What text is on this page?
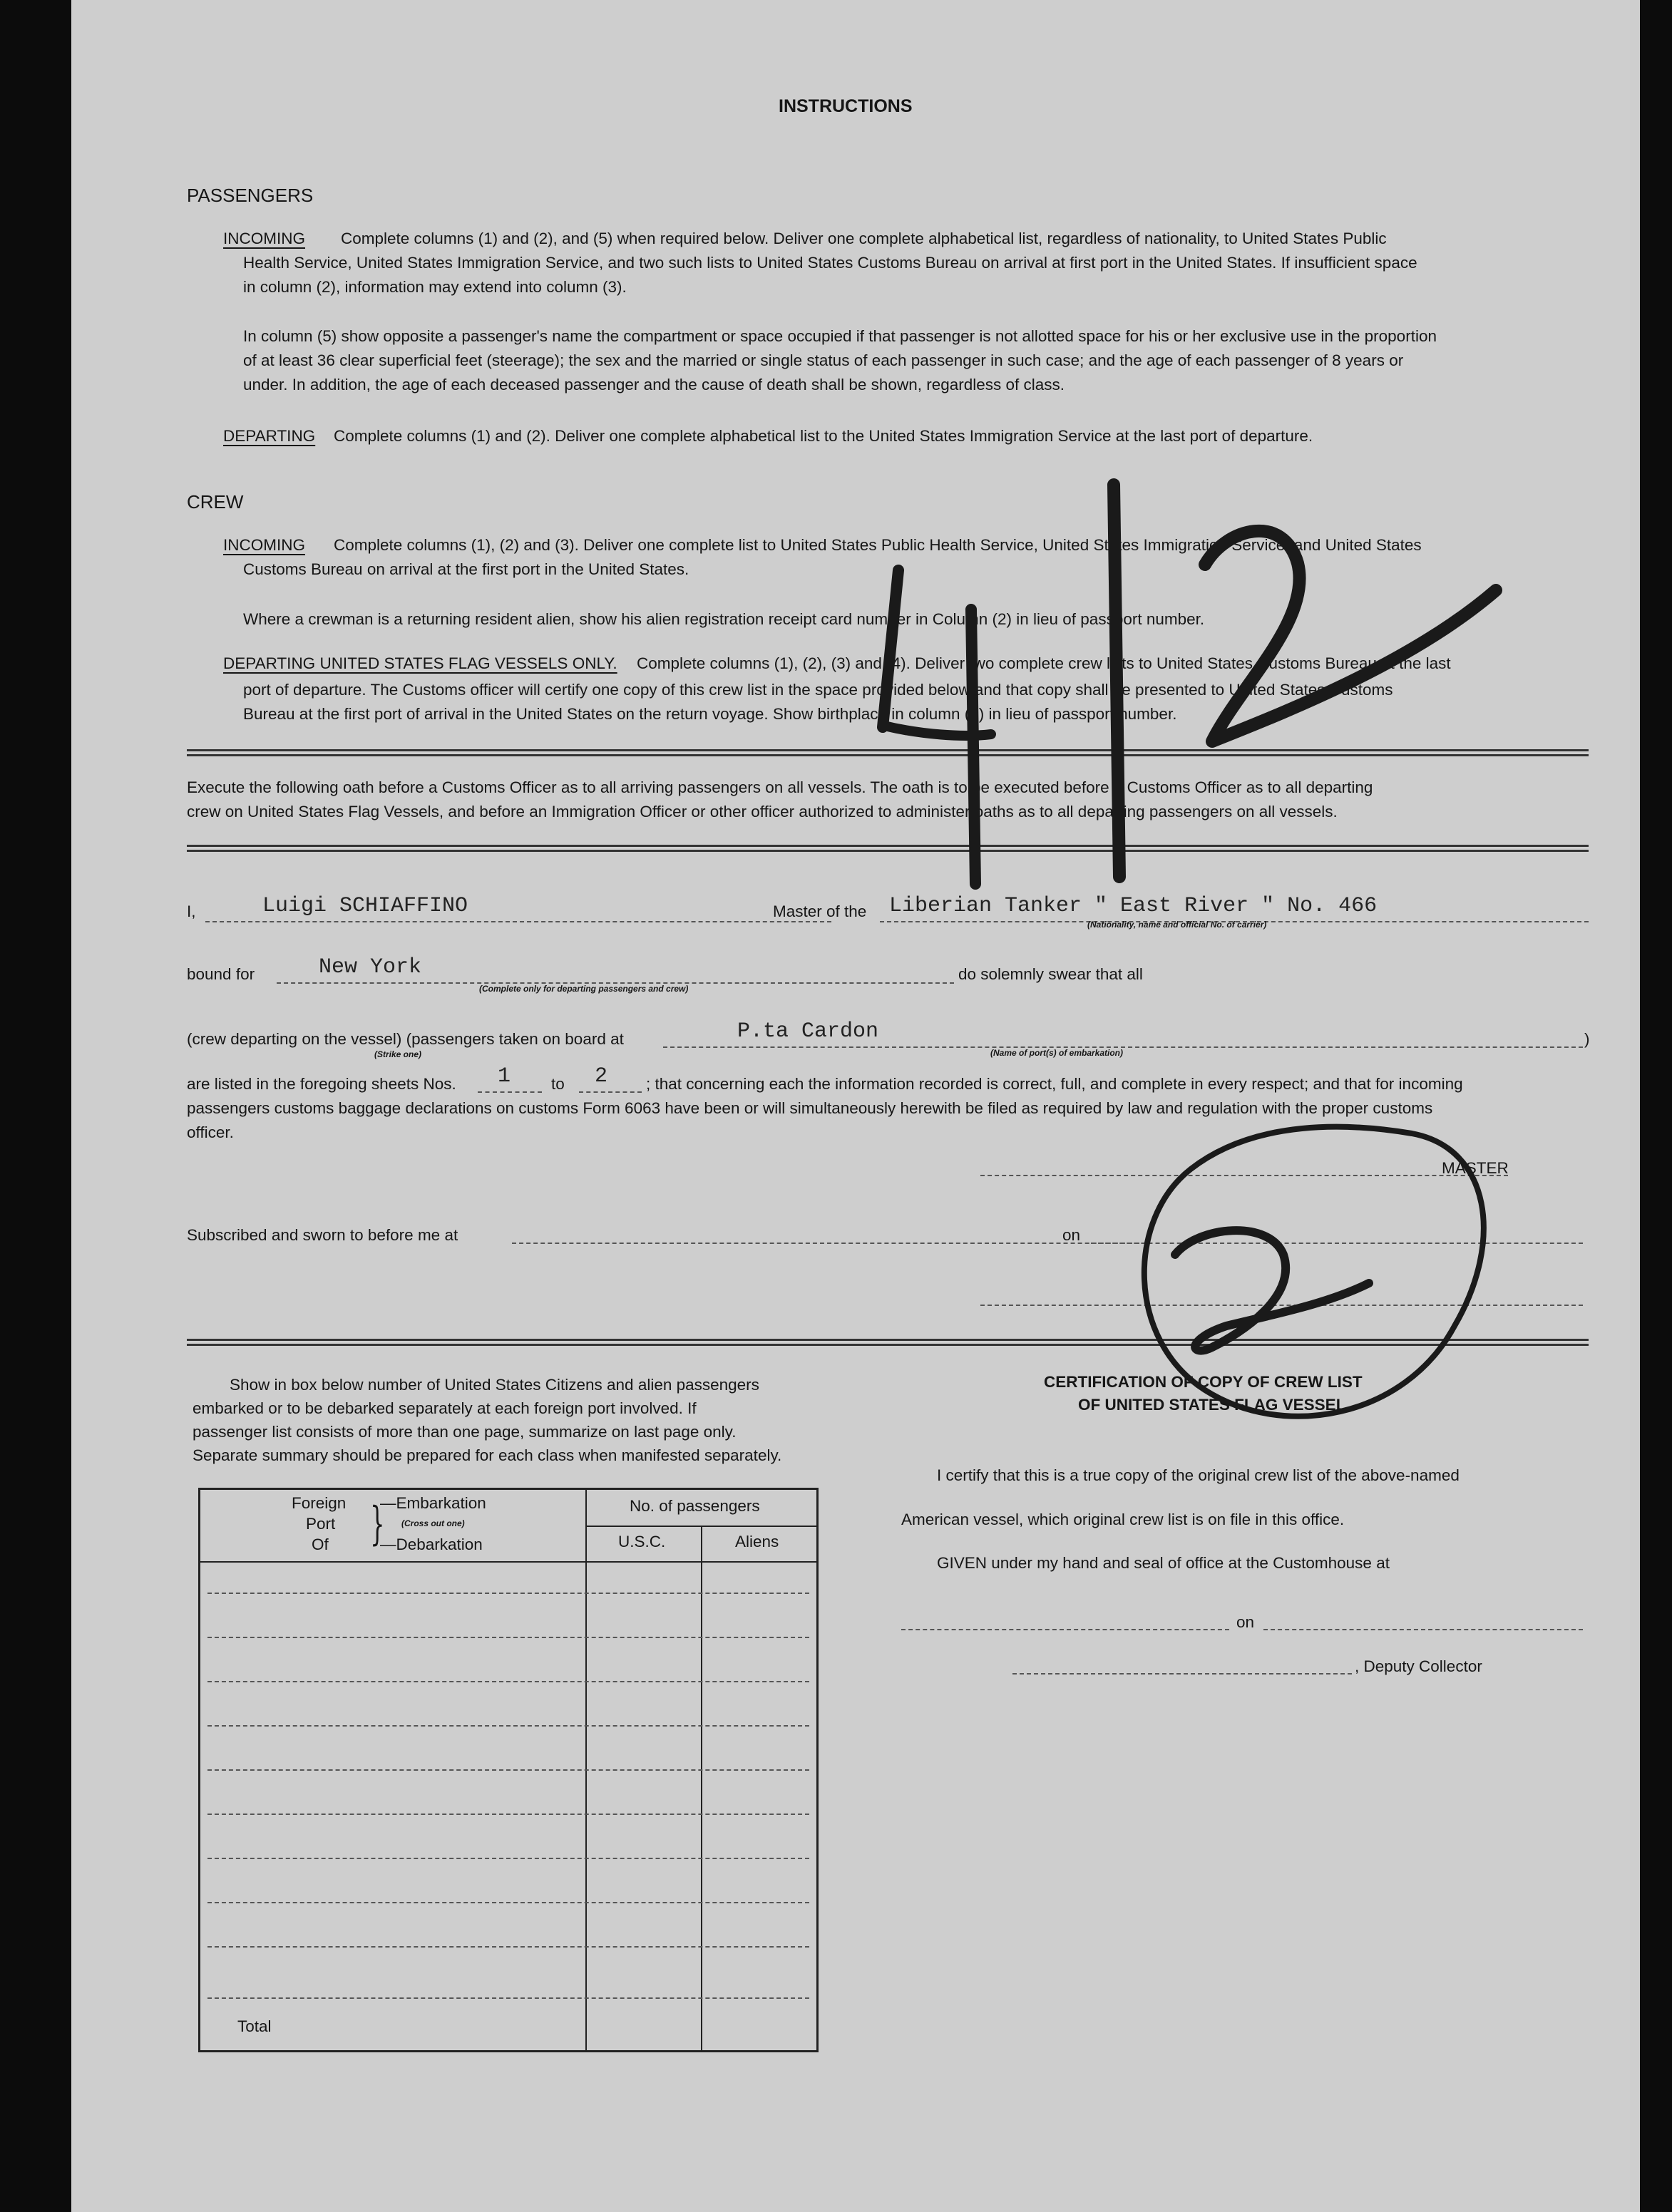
INSTRUCTIONS
PASSENGERS
INCOMING Complete columns (1) and (2), and (5) when required below. Deliver one complete alphabetical list, regardless of nationality, to United States Public
Health Service, United States Immigration Service, and two such lists to United States Customs Bureau on arrival at first port in the United States. If insufficient space
in column (2), information may extend into column (3).
In column (5) show opposite a passenger's name the compartment or space occupied if that passenger is not allotted space for his or her exclusive use in the proportion
of at least 36 clear superficial feet (steerage); the sex and the married or single status of each passenger in such case; and the age of each passenger of 8 years or
under. In addition, the age of each deceased passenger and the cause of death shall be shown, regardless of class.
DEPARTING Complete columns (1) and (2). Deliver one complete alphabetical list to the United States Immigration Service at the last port of departure.
CREW
INCOMING Complete columns (1), (2) and (3). Deliver one complete list to United States Public Health Service, United States Immigration Service, and United States
Customs Bureau on arrival at the first port in the United States.
Where a crewman is a returning resident alien, show his alien registration receipt card number in Column (2) in lieu of passport number.
DEPARTING UNITED STATES FLAG VESSELS ONLY. Complete columns (1), (2), (3) and (4). Deliver two complete crew lists to United States Customs Bureau at the last
port of departure. The Customs officer will certify one copy of this crew list in the space provided below and that copy shall be presented to United States Customs
Bureau at the first port of arrival in the United States on the return voyage. Show birthplace in column (2) in lieu of passport number.
Execute the following oath before a Customs Officer as to all arriving passengers on all vessels. The oath is to be executed before a Customs Officer as to all departing
crew on United States Flag Vessels, and before an Immigration Officer or other officer authorized to administer oaths as to all departing passengers on all vessels.
I,	Luigi SCHIAFFINO	Master of the Liberian Tanker " East River " No. 466
(Nationality, name and official No. of carrier)
bound for	New York
(Complete only for departing passengers and crew)
do solemnly swear that all
(crew departing on the vessel) (passengers taken on board at
(Strike one)
P.ta Cardon
(Name of port(s) of embarkation)
)
are listed in the foregoing sheets Nos. 1	to 2 ; that concerning each the information recorded is correct, full, and complete in every respect; and that for incoming
passengers customs baggage declarations on customs Form 6063 have been or will simultaneously herewith be filed as required by law and regulation with the proper customs
officer.
MASTER
Subscribed and sworn to before me at	on
Show in box below number of United States Citizens and alien passengers
embarked or to be debarked separately at each foreign port involved. If
passenger list consists of more than one page, summarize on last page only.
Separate summary should be prepared for each class when manifested separately.
Foreign
Port
Of }
—Embarkation
(Cross out one)
—Debarkation
No. of passengers
U.S.C.	Aliens
Total
CERTIFICATION OF COPY OF CREW LIST
OF UNITED STATES FLAG VESSEL
I certify that this is a true copy of the original crew list of the above-named
American vessel, which original crew list is on file in this office.
GIVEN under my hand and seal of office at the Customhouse at
on
, Deputy Collector
